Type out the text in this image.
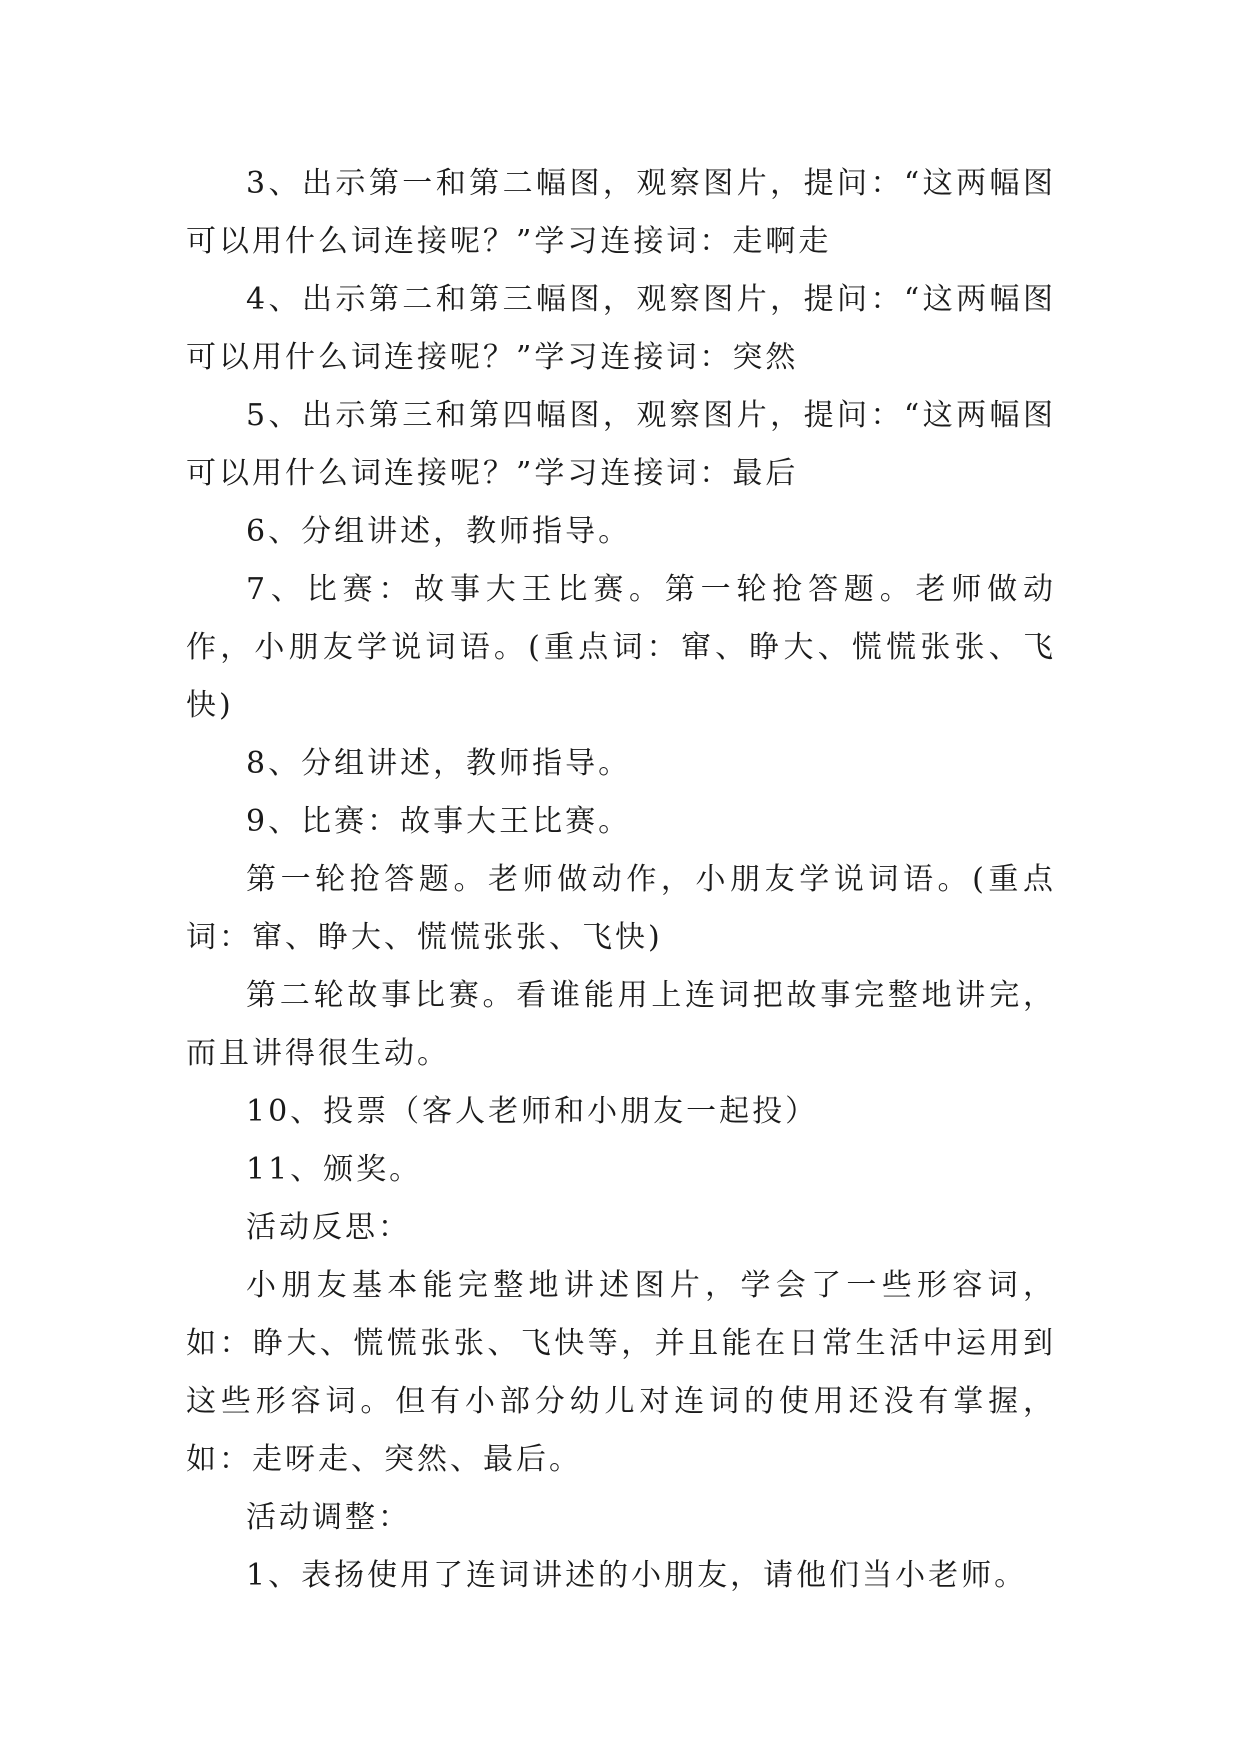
3、出示第一和第二幅图，观察图片，提问：“这两幅图可以用什么词连接呢？”学习连接词：走啊走

4、出示第二和第三幅图，观察图片，提问：“这两幅图可以用什么词连接呢？”学习连接词：突然

5、出示第三和第四幅图，观察图片，提问：“这两幅图可以用什么词连接呢？”学习连接词：最后

6、分组讲述，教师指导。

7、比赛：故事大王比赛。第一轮抢答题。老师做动作，小朋友学说词语。(重点词：窜、睁大、慌慌张张、飞快)

8、分组讲述，教师指导。

9、比赛：故事大王比赛。

第一轮抢答题。老师做动作，小朋友学说词语。(重点词：窜、睁大、慌慌张张、飞快)

第二轮故事比赛。看谁能用上连词把故事完整地讲完，而且讲得很生动。

10、投票（客人老师和小朋友一起投）

11、颁奖。

活动反思：

小朋友基本能完整地讲述图片，学会了一些形容词，如：睁大、慌慌张张、飞快等，并且能在日常生活中运用到这些形容词。但有小部分幼儿对连词的使用还没有掌握，如：走呀走、突然、最后。

活动调整：

1、表扬使用了连词讲述的小朋友，请他们当小老师。
